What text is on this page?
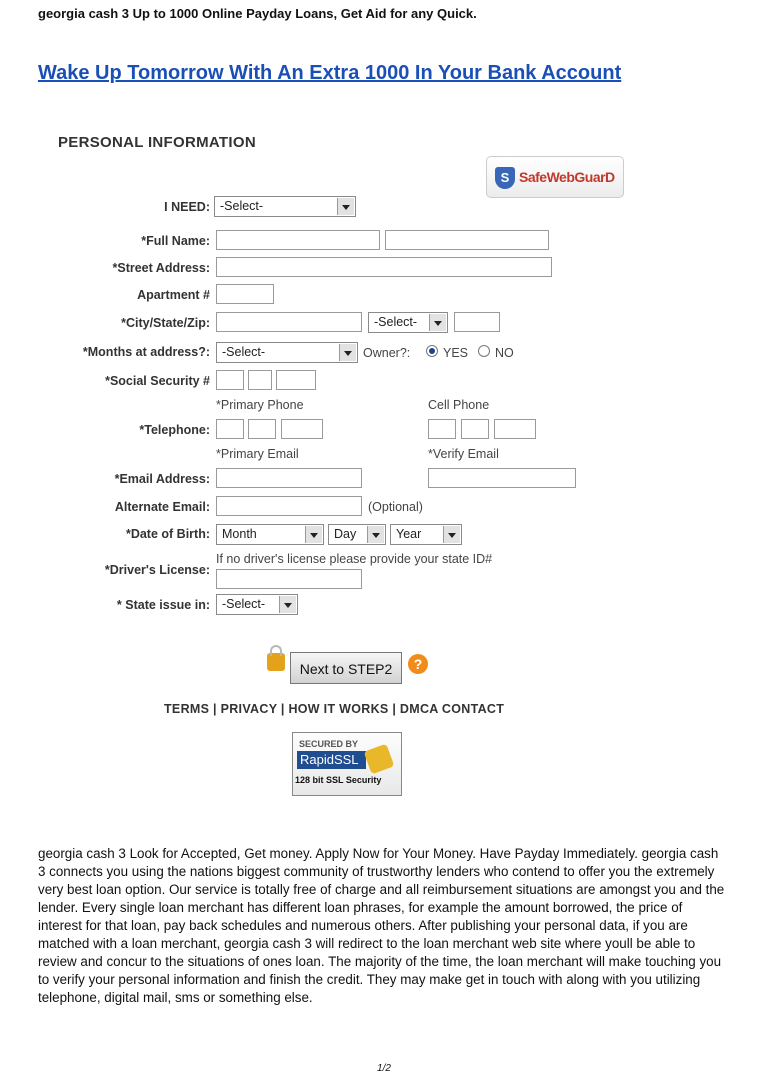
georgia cash 3 Up to 1000 Online Payday Loans, Get Aid for any Quick.
Wake Up Tomorrow With An Extra 1000 In Your Bank Account
PERSONAL INFORMATION
S SafeWebGuarD
I NEED: -Select-
*Full Name:
*Street Address:
Apartment #
*City/State/Zip:	-Select-
*Months at address?: -Select-	Owner?:	YES NO
*Social Security #
*Primary Phone	Cell Phone
*Telephone:
*Primary Email	*Verify Email
*Email Address:
Alternate Email:	(Optional)
*Date of Birth: Month	Day	Year
If no driver's license please provide your state ID#
*Driver's License:
* State issue in: -Select-
Next to STEP2	?
TERMS | PRIVACY | HOW IT WORKS | DMCA CONTACT
SECURED BY
RapidSSL
128 bit SSL Security
georgia cash 3 Look for Accepted, Get money. Apply Now for Your Money. Have Payday Immediately. georgia cash 3 connects you using the nations biggest community of trustworthy lenders who contend to offer you the extremely very best loan option. Our service is totally free of charge and all reimbursement situations are amongst you and the lender. Every single loan merchant has different loan phrases, for example the amount borrowed, the price of interest for that loan, pay back schedules and numerous others. After publishing your personal data, if you are matched with a loan merchant, georgia cash 3 will redirect to the loan merchant web site where youll be able to review and concur to the situations of ones loan. The majority of the time, the loan merchant will make touching you to verify your personal information and finish the credit. They may make get in touch with along with you utilizing telephone, digital mail, sms or something else.
1/2
